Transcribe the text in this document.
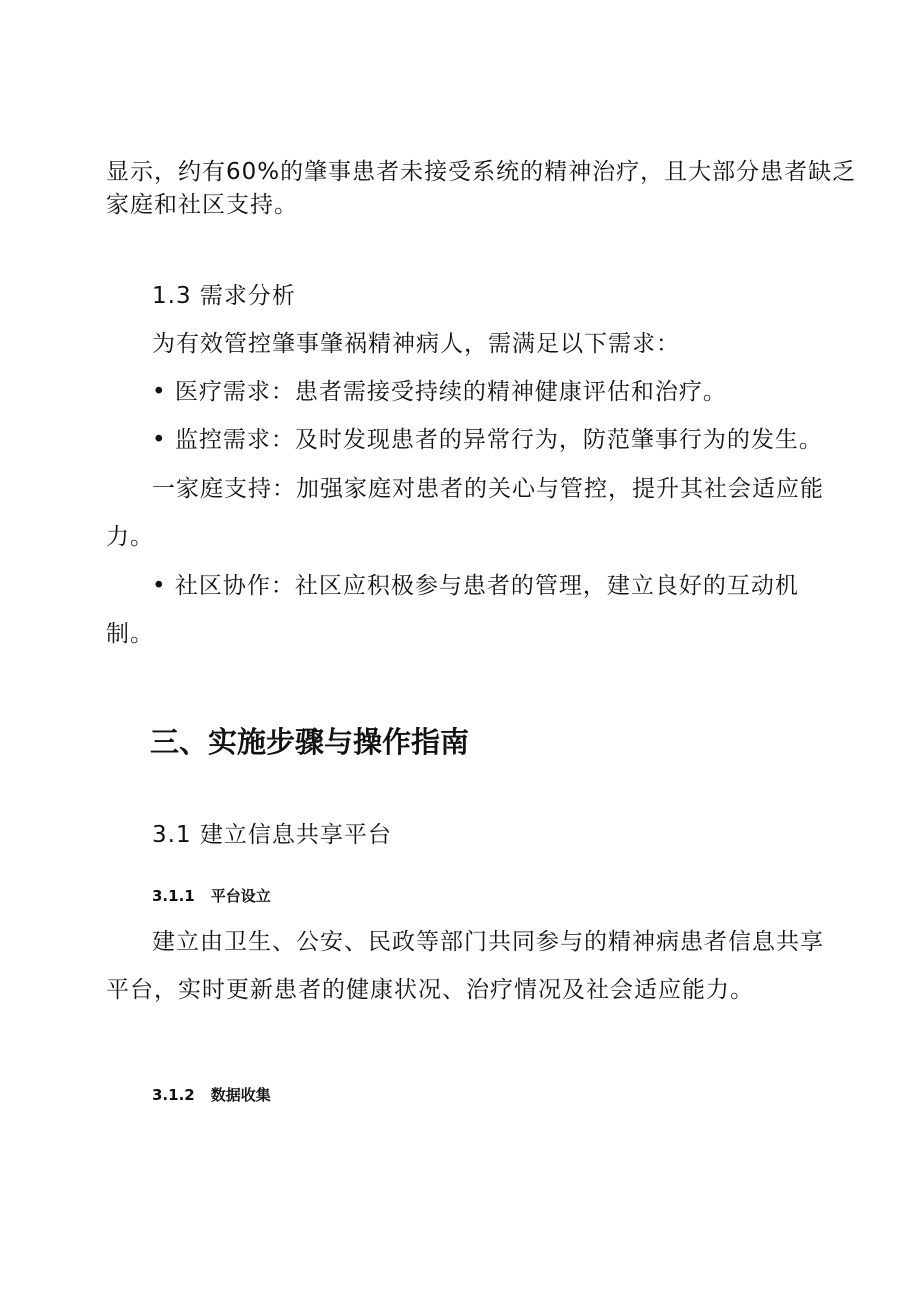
显示，约有60%的肇事患者未接受系统的精神治疗，且大部分患者缺乏
家庭和社区支持。
1.3 需求分析
为有效管控肇事肇祸精神病人，需满足以下需求：
• 医疗需求：患者需接受持续的精神健康评估和治疗。
• 监控需求：及时发现患者的异常行为，防范肇事行为的发生。
一家庭支持：加强家庭对患者的关心与管控，提升其社会适应能
力。
• 社区协作：社区应积极参与患者的管理，建立良好的互动机
制。
三、实施步骤与操作指南
3.1 建立信息共享平台
3.1.1 平台设立
建立由卫生、公安、民政等部门共同参与的精神病患者信息共享
平台，实时更新患者的健康状况、治疗情况及社会适应能力。
3.1.2 数据收集
